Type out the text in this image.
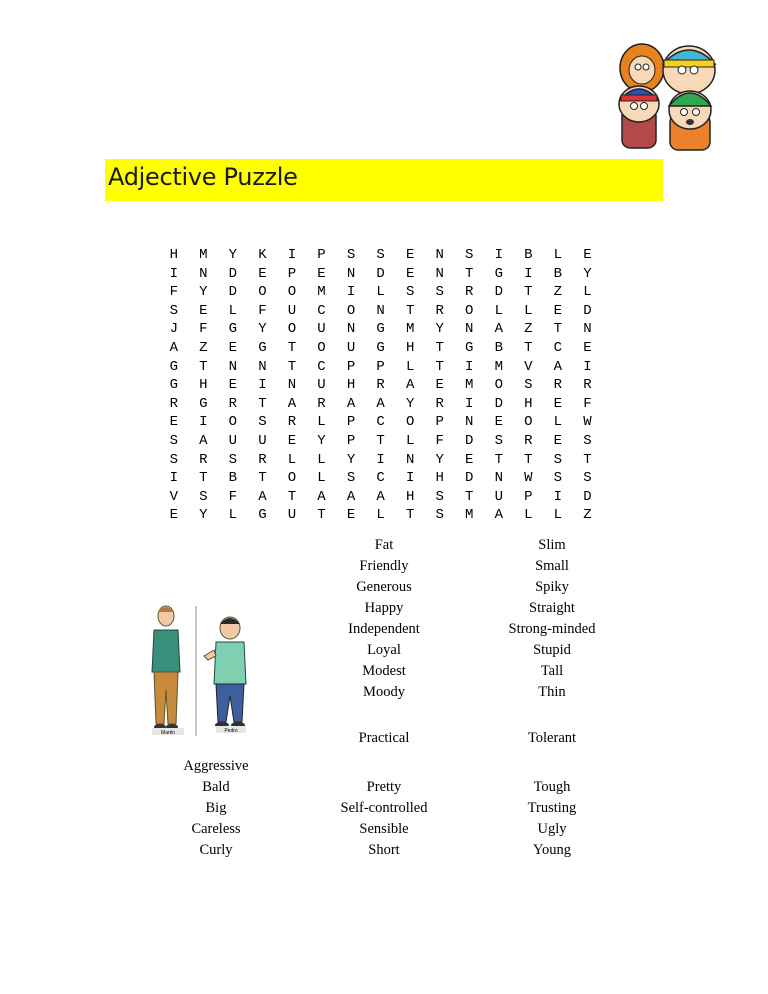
Adjective Puzzle
H	M	Y	K	I	P	S	S	E	N	S	I	B	L	E
I	N	D	E	P	E	N	D	E	N	T	G	I	B	Y
F	Y	D	O	O	M	I	L	S	S	R	D	T	Z	L
S	E	L	F	U	C	O	N	T	R	O	L	L	E	D
J	F	G	Y	O	U	N	G	M	Y	N	A	Z	T	N
A	Z	E	G	T	O	U	G	H	T	G	B	T	C	E
G	T	N	N	T	C	P	P	L	T	I	M	V	A	I
G	H	E	I	N	U	H	R	A	E	M	O	S	R	R
R	G	R	T	A	R	A	A	Y	R	I	D	H	E	F
E	I	O	S	R	L	P	C	O	P	N	E	O	L	W
S	A	U	U	E	Y	P	T	L	F	D	S	R	E	S
S	R	S	R	L	L	Y	I	N	Y	E	T	T	S	T
I	T	B	T	O	L	S	C	I	H	D	N	W	S	S
V	S	F	A	T	A	A	A	H	S	T	U	P	I	D
E	Y	L	G	U	T	E	L	T	S	M	A	L	L	Z
Fat
Friendly
Generous
Happy
Independent
Loyal
Modest
Moody
Slim
Small
Spiky
Straight
Strong-minded
Stupid
Tall
Thin
Practical	Tolerant
Aggressive
Bald
Big
Careless
Curly
Pretty
Self-controlled
Sensible
Short
Tough
Trusting
Ugly
Young
Martin	Pedro
